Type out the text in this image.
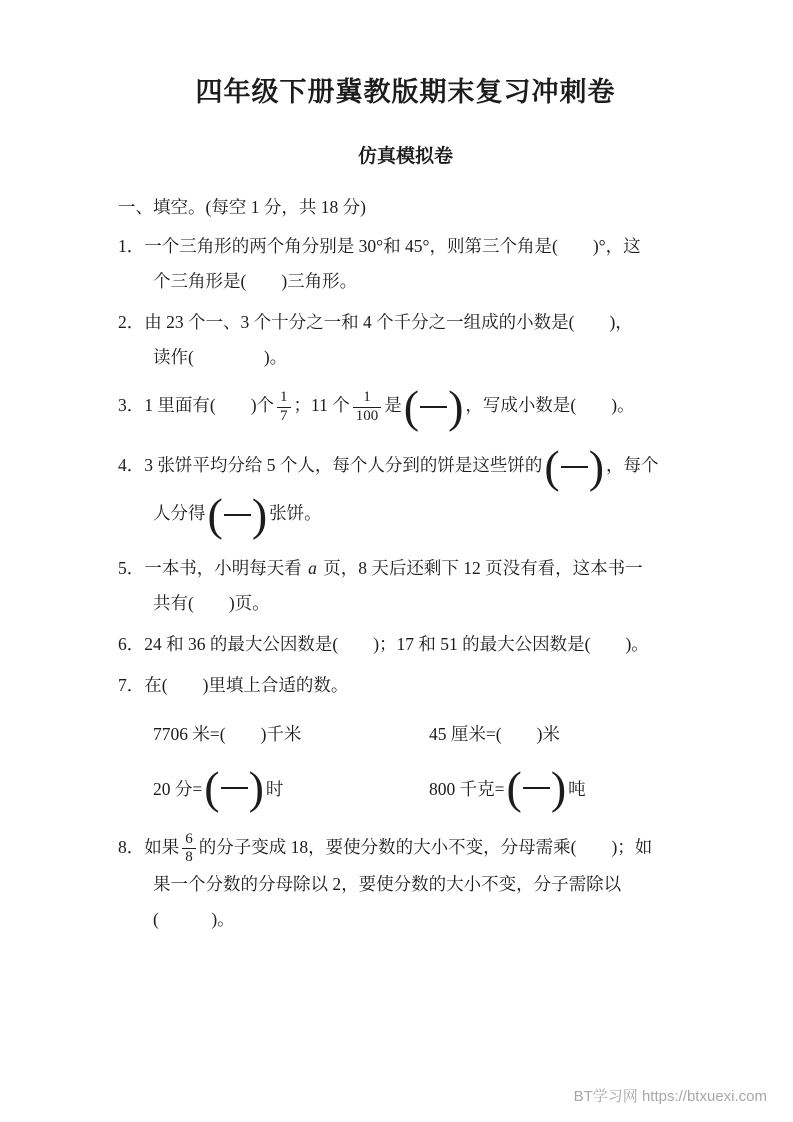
四年级下册冀教版期末复习冲刺卷
仿真模拟卷
一、填空。(每空 1 分，共 18 分)
1．一个三角形的两个角分别是 30°和 45°，则第三个角是(　　)°，这
个三角形是(　　)三角形。
2．由 23 个一、3 个十分之一和 4 个千分之一组成的小数是(　　)，
读作(　　　　)。
3．1 里面有(　　)个 $\frac{1}{7}$ ；11 个 $\frac{1}{100}$ 是 ( ) ，写成小数是(　　)。
4．3 张饼平均分给 5 个人，每个人分到的饼是这些饼的 ( ) ，每个
人分得 ( ) 张饼。
5．一本书，小明每天看 a 页，8 天后还剩下 12 页没有看，这本书一
共有(　　)页。
6．24 和 36 的最大公因数是(　　)；17 和 51 的最大公因数是(　　)。
7．在(　　)里填上合适的数。
7706 米=(　　)千米	45 厘米=(　　)米
20 分= ( ) 时	800 千克= ( ) 吨
8．如果 $\frac{6}{8}$ 的分子变成 18，要使分数的大小不变，分母需乘(　　)；如
果一个分数的分母除以 2，要使分数的大小不变，分子需除以
(　　　)。
BT学习网 https://btxuexi.com
